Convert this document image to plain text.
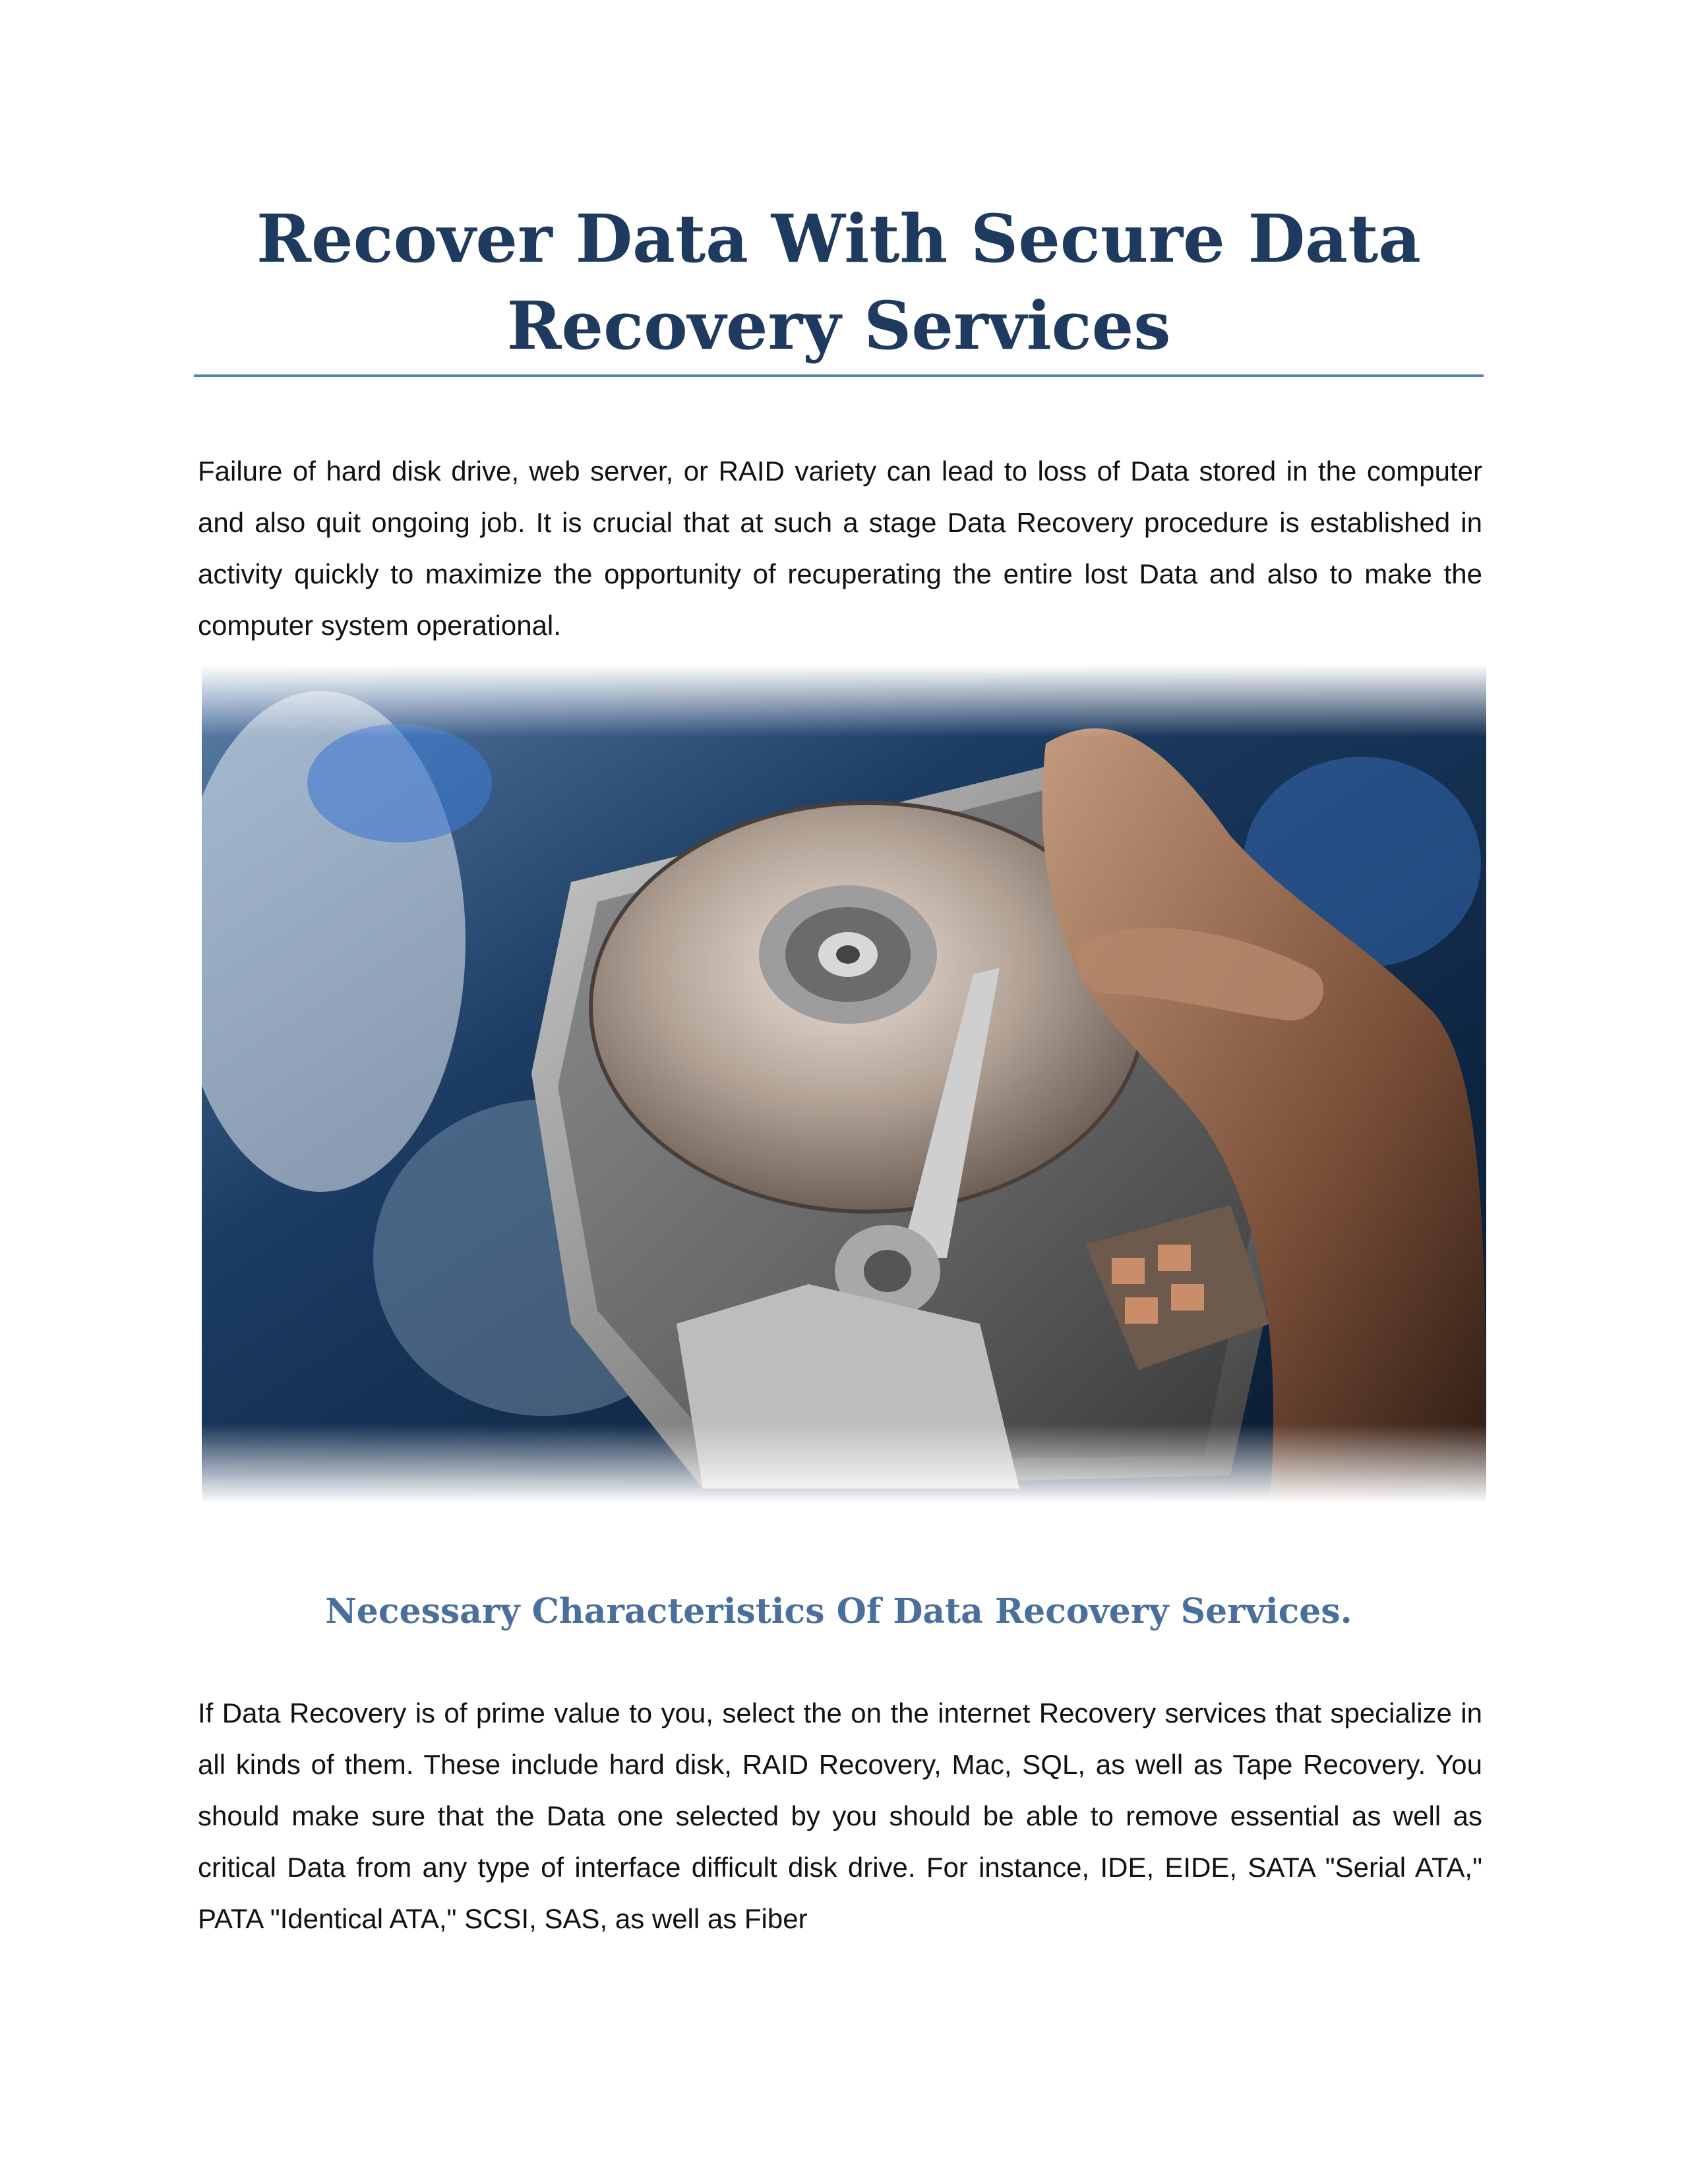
Recover Data With Secure Data Recovery Services

Failure of hard disk drive, web server, or RAID variety can lead to loss of Data stored in the computer and also quit ongoing job. It is crucial that at such a stage Data Recovery procedure is established in activity quickly to maximize the opportunity of recuperating the entire lost Data and also to make the computer system operational.

Necessary Characteristics Of Data Recovery Services.

If Data Recovery is of prime value to you, select the on the internet Recovery services that specialize in all kinds of them. These include hard disk, RAID Recovery, Mac, SQL, as well as Tape Recovery. You should make sure that the Data one selected by you should be able to remove essential as well as critical Data from any type of interface difficult disk drive. For instance, IDE, EIDE, SATA "Serial ATA," PATA "Identical ATA," SCSI, SAS, as well as Fiber
